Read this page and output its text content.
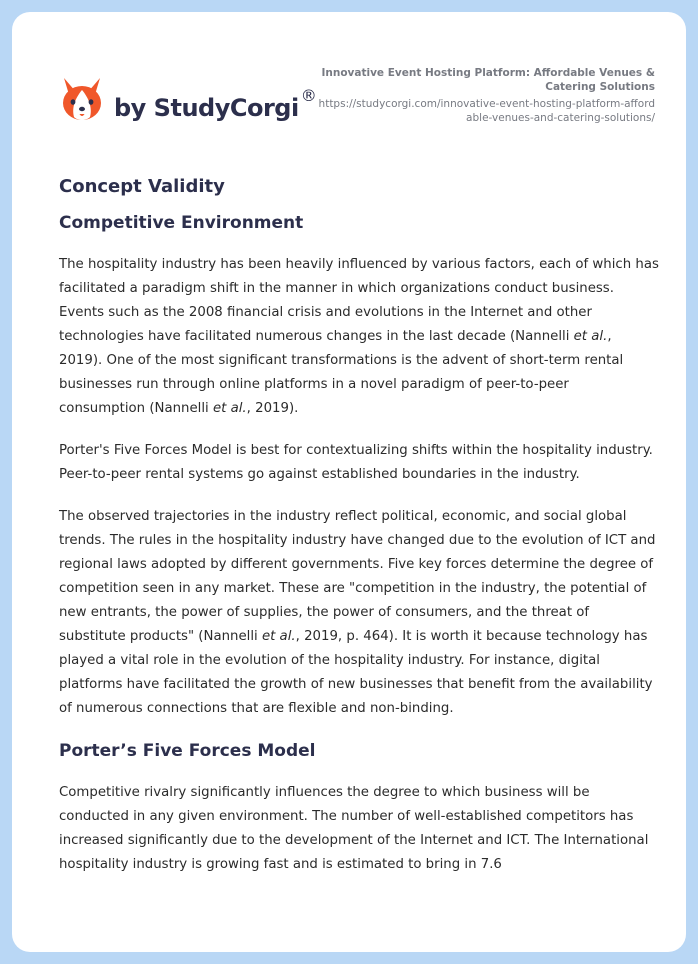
by StudyCorgi ®
Innovative Event Hosting Platform: Affordable Venues & Catering Solutions
https://studycorgi.com/innovative-event-hosting-platform-affordable-venues-and-catering-solutions/
Concept Validity
Competitive Environment

The hospitality industry has been heavily influenced by various factors, each of which has facilitated a paradigm shift in the manner in which organizations conduct business. Events such as the 2008 financial crisis and evolutions in the Internet and other technologies have facilitated numerous changes in the last decade (Nannelli et al., 2019). One of the most significant transformations is the advent of short-term rental businesses run through online platforms in a novel paradigm of peer-to-peer consumption (Nannelli et al., 2019).

Porter's Five Forces Model is best for contextualizing shifts within the hospitality industry. Peer-to-peer rental systems go against established boundaries in the industry.

The observed trajectories in the industry reflect political, economic, and social global trends. The rules in the hospitality industry have changed due to the evolution of ICT and regional laws adopted by different governments. Five key forces determine the degree of competition seen in any market. These are "competition in the industry, the potential of new entrants, the power of supplies, the power of consumers, and the threat of substitute products" (Nannelli et al., 2019, p. 464). It is worth it because technology has played a vital role in the evolution of the hospitality industry. For instance, digital platforms have facilitated the growth of new businesses that benefit from the availability of numerous connections that are flexible and non-binding.

Porter’s Five Forces Model

Competitive rivalry significantly influences the degree to which business will be conducted in any given environment. The number of well-established competitors has increased significantly due to the development of the Internet and ICT. The International hospitality industry is growing fast and is estimated to bring in 7.6
